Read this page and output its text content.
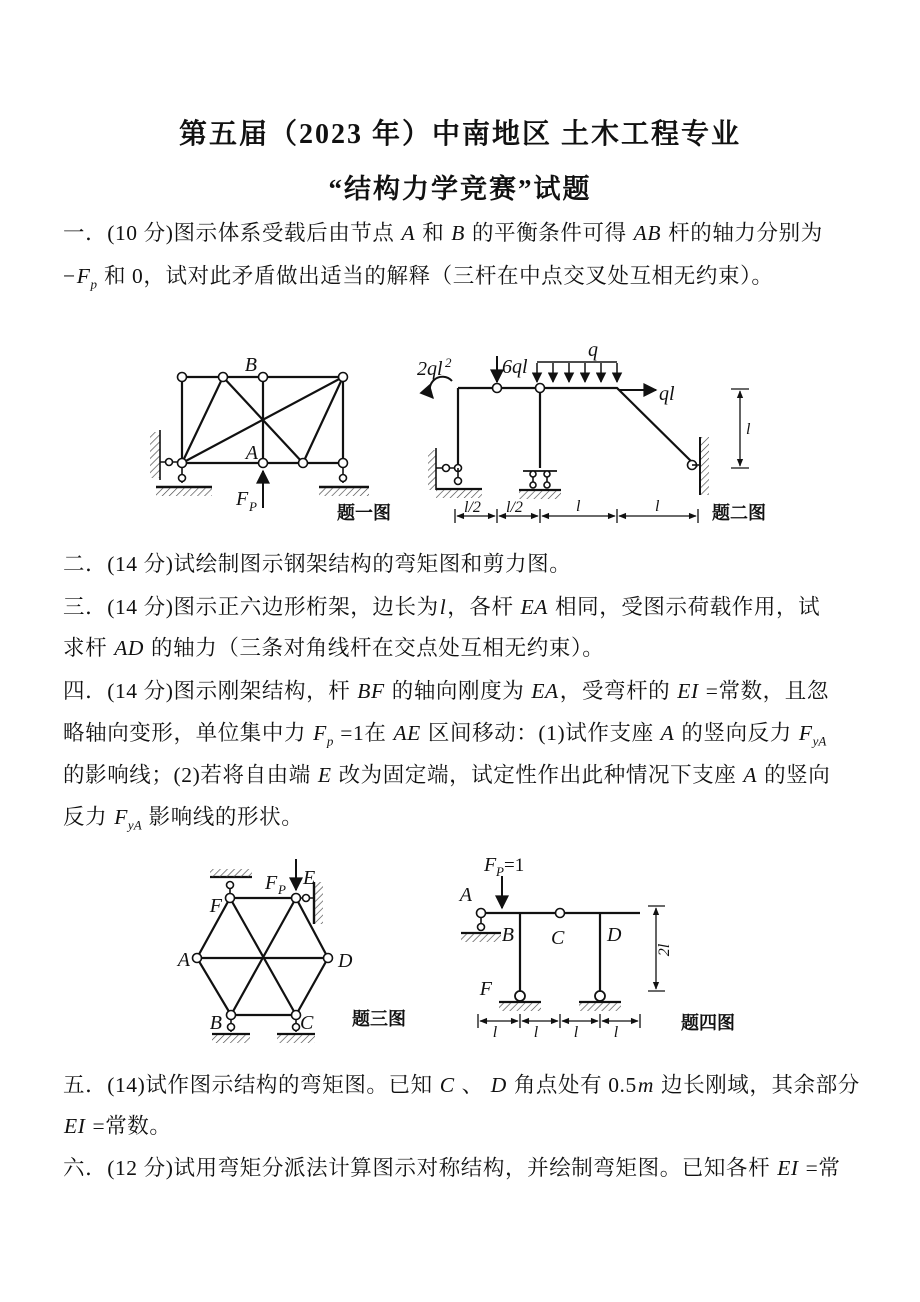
第五届（2023 年）中南地区 土木工程专业
“结构力学竞赛”试题
一．(10 分)图示体系受载后由节点 A 和 B 的平衡条件可得 AB 杆的轴力分别为
$-F_p$ 和 0，试对此矛盾做出适当的解释（三杆在中点交叉处互相无约束）。
F P
B
A
题一图
2ql 2	6ql
q
ql
l
l/2 l/2	l	l	题二图
二．(14 分)试绘制图示钢架结构的弯矩图和剪力图。
三．(14 分)图示正六边形桁架，边长为l，各杆 EA 相同，受图示荷载作用，试
求杆 AD 的轴力（三条对角线杆在交点处互相无约束）。
四．(14 分)图示刚架结构，杆 BF 的轴向刚度为 EA，受弯杆的 EI =常数，且忽
略轴向变形，单位集中力 $F_p =1$在 AE 区间移动：(1)试作支座 A 的竖向反力 $F_{yA}$
的影响线；(2)若将自由端 E 改为固定端，试定性作出此种情况下支座 A 的竖向
反力 $F_{yA}$ 影响线的形状。
F P
E
F
A	D
B	C 题三图
F P =1
A
B C D
F
2l
l l l l	题四图
五．(14)试作图示结构的弯矩图。已知 C 、 D 角点处有 0.5m 边长刚域，其余部分
EI =常数。
六．(12 分)试用弯矩分派法计算图示对称结构，并绘制弯矩图。已知各杆 EI =常
